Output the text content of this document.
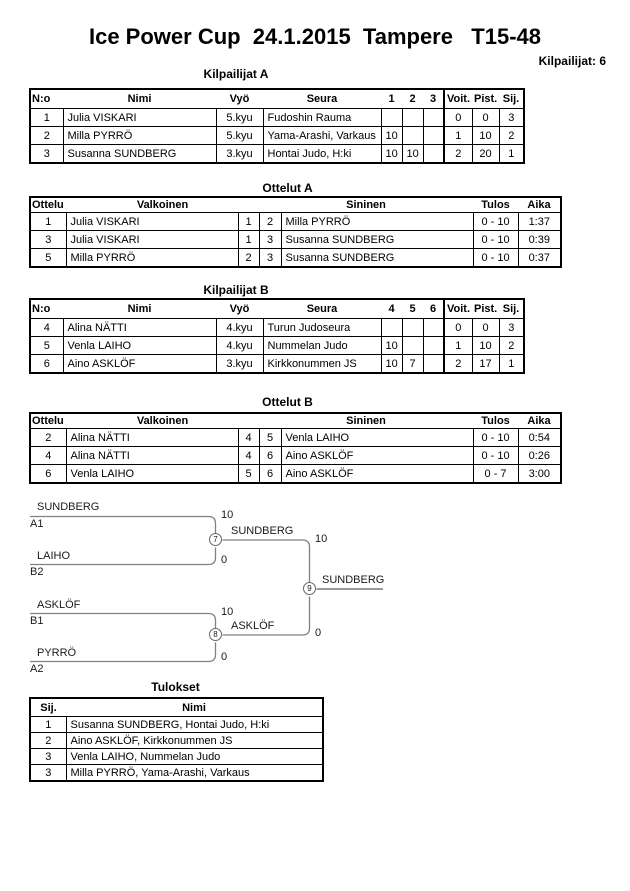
Ice Power Cup  24.1.2015  Tampere   T15-48
Kilpailijat: 6
Kilpailijat A
N:o	Nimi	Vyö	Seura	1	2	3	Voit.	Pist.	Sij.
1	Julia VISKARI	5.kyu	Fudoshin Rauma				0	0	3
2	Milla PYRRÖ	5.kyu	Yama-Arashi, Varkaus	10			1	10	2
3	Susanna SUNDBERG	3.kyu	Hontai Judo, H:ki	10	10		2	20	1
Ottelut A
Ottelu	Valkoinen		Sininen		Tulos	Aika
1	Julia VISKARI	1	2	Milla PYRRÖ	0 - 10	1:37
3	Julia VISKARI	1	3	Susanna SUNDBERG	0 - 10	0:39
5	Milla PYRRÖ	2	3	Susanna SUNDBERG	0 - 10	0:37
Kilpailijat B
N:o	Nimi	Vyö	Seura	4	5	6	Voit.	Pist.	Sij.
4	Alina NÄTTI	4.kyu	Turun Judoseura				0	0	3
5	Venla LAIHO	4.kyu	Nummelan Judo	10			1	10	2
6	Aino ASKLÖF	3.kyu	Kirkkonummen JS	10	7		2	17	1
Ottelut B
Ottelu	Valkoinen		Sininen		Tulos	Aika
2	Alina NÄTTI	4	5	Venla LAIHO	0 - 10	0:54
4	Alina NÄTTI	4	6	Aino ASKLÖF	0 - 10	0:26
6	Venla LAIHO	5	6	Aino ASKLÖF	0 - 7	3:00
SUNDBERG
A1
10
LAIHO
B2
0
7
SUNDBERG
10
ASKLÖF
B1
10
PYRRÖ
A2
0
8
ASKLÖF
0
9
SUNDBERG
Tulokset
Sij.	Nimi
1	Susanna SUNDBERG, Hontai Judo, H:ki
2	Aino ASKLÖF, Kirkkonummen JS
3	Venla LAIHO, Nummelan Judo
3	Milla PYRRÖ, Yama-Arashi, Varkaus
